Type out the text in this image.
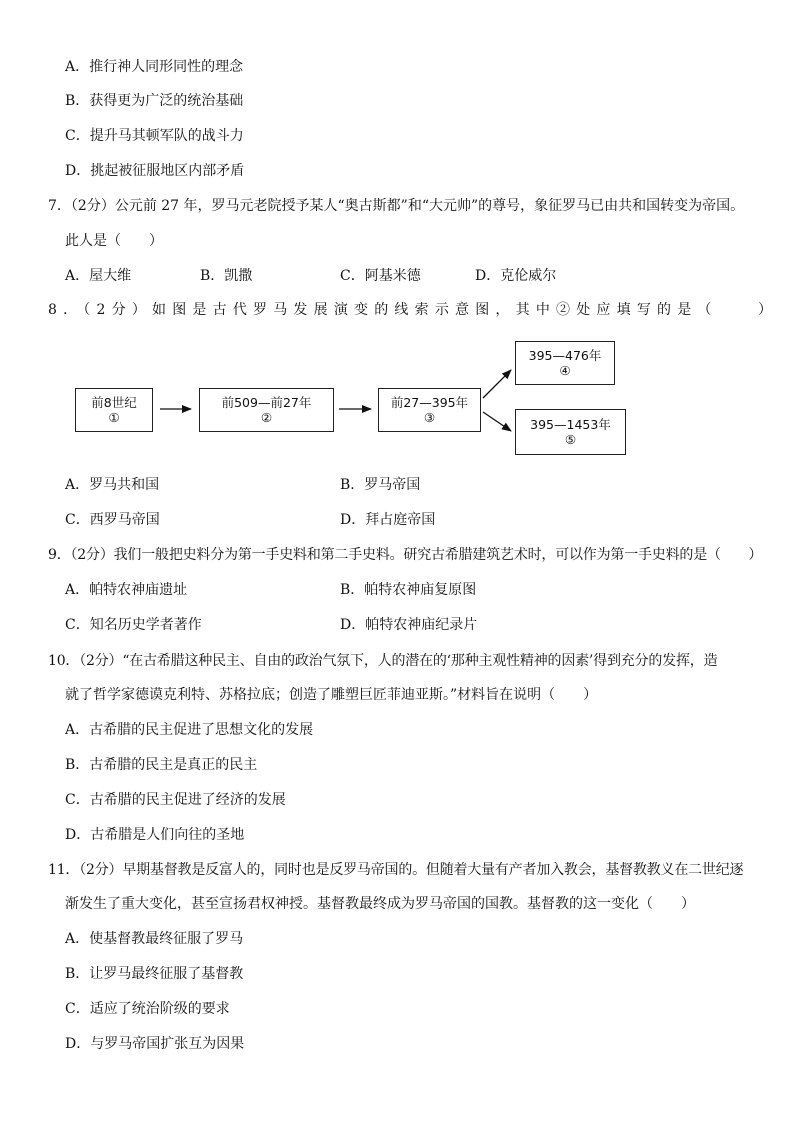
A．推行神人同形同性的理念
B．获得更为广泛的统治基础
C．提升马其顿军队的战斗力
D．挑起被征服地区内部矛盾
7．（2分）公元前 27 年，罗马元老院授予某人“奥古斯都”和“大元帅”的尊号，象征罗马已由共和国转变为帝国。
此人是（　　）
A．屋大维	B．凯撒	C．阿基米德	D．克伦威尔
8．（2分）如图是古代罗马发展演变的线索示意图，其中②处应填写的是（　　）
前8世纪
①
前509—前27年
②
前27—395年
③
395—476年
④
395—1453年
⑤
A．罗马共和国	B．罗马帝国
C．西罗马帝国	D．拜占庭帝国
9．（2分）我们一般把史料分为第一手史料和第二手史料。研究古希腊建筑艺术时，可以作为第一手史料的是（　　）
A．帕特农神庙遗址	B．帕特农神庙复原图
C．知名历史学者著作	D．帕特农神庙纪录片
10．（2分）“在古希腊这种民主、自由的政治气氛下，人的潜在的‘那种主观性精神的因素’得到充分的发挥，造
就了哲学家德谟克利特、苏格拉底；创造了雕塑巨匠菲迪亚斯。”材料旨在说明（　　）
A．古希腊的民主促进了思想文化的发展
B．古希腊的民主是真正的民主
C．古希腊的民主促进了经济的发展
D．古希腊是人们向往的圣地
11．（2分）早期基督教是反富人的，同时也是反罗马帝国的。但随着大量有产者加入教会，基督教教义在二世纪逐
渐发生了重大变化，甚至宣扬君权神授。基督教最终成为罗马帝国的国教。基督教的这一变化（　　）
A．使基督教最终征服了罗马
B．让罗马最终征服了基督教
C．适应了统治阶级的要求
D．与罗马帝国扩张互为因果
